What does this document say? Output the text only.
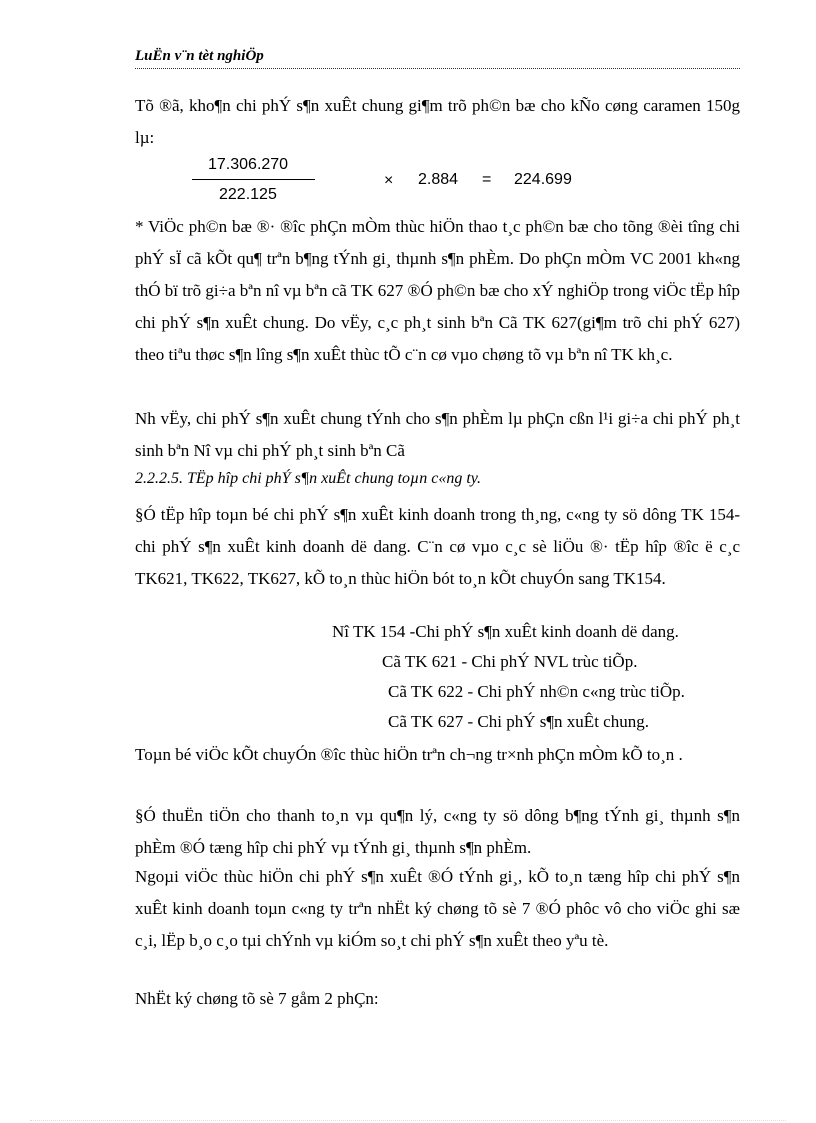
LuËn v¨n tèt nghiÖp
Tõ ®ã, kho¶n chi phÝ s¶n xuÊt chung gi¶m trõ ph©n bæ cho kÑo cøng caramen 150g lµ:
17.306.270
222.125
× 2.884 = 224.699
* ViÖc ph©n bæ ®· ®îc phÇn mÒm thùc hiÖn thao t¸c ph©n bæ cho tõng ®èi tîng chi phÝ sÏ cã kÕt qu¶ trªn b¶ng tÝnh gi¸ thµnh s¶n phÈm. Do phÇn mÒm VC 2001 kh«ng thÓ bï trõ gi÷a bªn nî vµ bªn cã TK 627 ®Ó ph©n bæ cho xÝ nghiÖp trong viÖc tËp hîp chi phÝ s¶n xuÊt chung. Do vËy, c¸c ph¸t sinh bªn Cã TK 627(gi¶m trõ chi phÝ 627) theo tiªu thøc s¶n lîng s¶n xuÊt thùc tÕ c¨n cø vµo chøng tõ vµ bªn nî TK kh¸c.
Nh vËy, chi phÝ s¶n xuÊt chung tÝnh cho s¶n phÈm lµ phÇn cßn l¹i gi÷a chi phÝ ph¸t sinh bªn Nî vµ chi phÝ ph¸t sinh bªn Cã
2.2.2.5. TËp hîp chi phÝ s¶n xuÊt chung toµn c«ng ty.
§Ó tËp hîp toµn bé chi phÝ s¶n xuÊt kinh doanh trong th¸ng, c«ng ty sö dông TK 154- chi phÝ s¶n xuÊt kinh doanh dë dang. C¨n cø vµo c¸c sè liÖu ®· tËp hîp ®îc ë c¸c TK621, TK622, TK627, kÕ to¸n thùc hiÖn bót to¸n kÕt chuyÓn sang TK154.
Nî TK 154 -Chi phÝ s¶n xuÊt kinh doanh dë dang.
Cã TK 621 - Chi phÝ NVL trùc tiÕp.
Cã TK 622 - Chi phÝ nh©n c«ng trùc tiÕp.
Cã TK 627 - Chi phÝ s¶n xuÊt chung.
Toµn bé viÖc kÕt chuyÓn ®îc thùc hiÖn trªn ch¬ng tr×nh phÇn mÒm kÕ to¸n .
§Ó thuËn tiÖn cho thanh to¸n vµ qu¶n lý, c«ng ty sö dông b¶ng tÝnh gi¸ thµnh s¶n phÈm ®Ó tæng hîp chi phÝ vµ tÝnh gi¸ thµnh s¶n phÈm.
Ngoµi viÖc thùc hiÖn chi phÝ s¶n xuÊt ®Ó tÝnh gi¸, kÕ to¸n tæng hîp chi phÝ s¶n xuÊt kinh doanh toµn c«ng ty trªn nhËt ký chøng tõ sè 7 ®Ó phôc vô cho viÖc ghi sæ c¸i, lËp b¸o c¸o tµi chÝnh vµ kiÓm so¸t chi phÝ s¶n xuÊt theo yªu tè.
NhËt ký chøng tõ sè 7 gåm 2 phÇn:
